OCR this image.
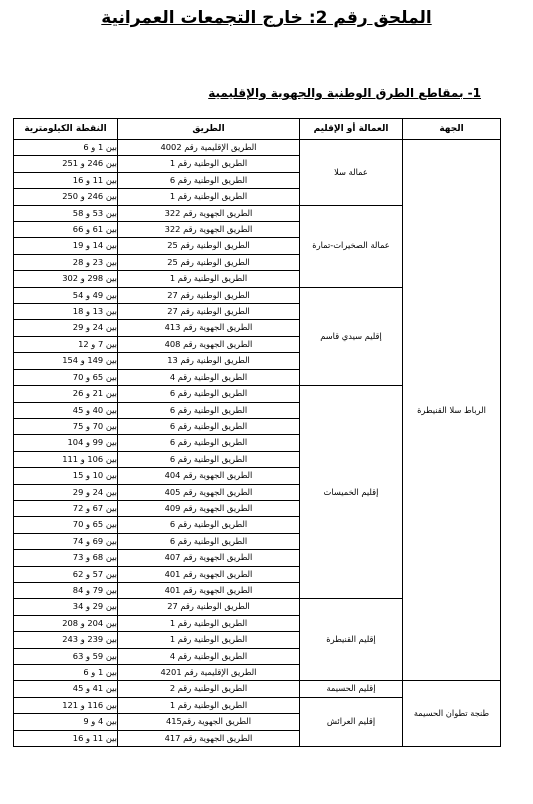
الملحق رقم 2: خارج التجمعات العمرانية
1- بمقاطع الطرق الوطنية والجهوية والإقليمية
الجهة	العمالة أو الإقليم	الطريق	النقطة الكيلومترية
الرباط سلا القنيطرة	عمالة سلا	الطريق الإقليمية رقم 4002	بين 1 و 6
		الطريق الوطنية رقم 1	بين 246 و 251
		الطريق الوطنية رقم 6	بين 11 و 16
		الطريق الوطنية رقم 1	بين 246 و 250
	عمالة الصخيرات-تمارة	الطريق الجهوية رقم 322	بين 53 و 58
		الطريق الجهوية رقم 322	بين 61 و 66
		الطريق الوطنية رقم 25	بين 14 و 19
		الطريق الوطنية رقم 25	بين 23 و 28
		الطريق الوطنية رقم 1	بين 298 و 302
	إقليم سيدي قاسم	الطريق الوطنية رقم 27	بين 49 و 54
		الطريق الوطنية رقم 27	بين 13 و 18
		الطريق الجهوية رقم 413	بين 24 و 29
		الطريق الجهوية رقم 408	بين 7 و 12
		الطريق الوطنية رقم 13	بين 149 و 154
		الطريق الوطنية رقم 4	بين 65 و 70
	إقليم الخميسات	الطريق الوطنية رقم 6	بين 21 و 26
		الطريق الوطنية رقم 6	بين 40 و 45
		الطريق الوطنية رقم 6	بين 70 و 75
		الطريق الوطنية رقم 6	بين 99 و 104
		الطريق الوطنية رقم 6	بين 106 و 111
		الطريق الجهوية رقم 404	بين 10 و 15
		الطريق الجهوية رقم 405	بين 24 و 29
		الطريق الجهوية رقم 409	بين 67 و 72
		الطريق الوطنية رقم 6	بين 65 و 70
		الطريق الوطنية رقم 6	بين 69 و 74
		الطريق الجهوية رقم 407	بين 68 و 73
		الطريق الجهوية رقم 401	بين 57 و 62
		الطريق الجهوية رقم 401	بين 79 و 84
	إقليم القنيطرة	الطريق الوطنية رقم 27	بين 29 و 34
		الطريق الوطنية رقم 1	بين 204 و 208
		الطريق الوطنية رقم 1	بين 239 و 243
		الطريق الوطنية رقم 4	بين 59 و 63
		الطريق الإقليمية رقم 4201	بين 1 و 6
طنجة تطوان الحسيمة	إقليم الحسيمة	الطريق الوطنية رقم 2	بين 41 و 45
	إقليم العرائش	الطريق الوطنية رقم 1	بين 116 و 121
		الطريق الجهوية رقم415	بين 4 و 9
		الطريق الجهوية رقم 417	بين 11 و 16
